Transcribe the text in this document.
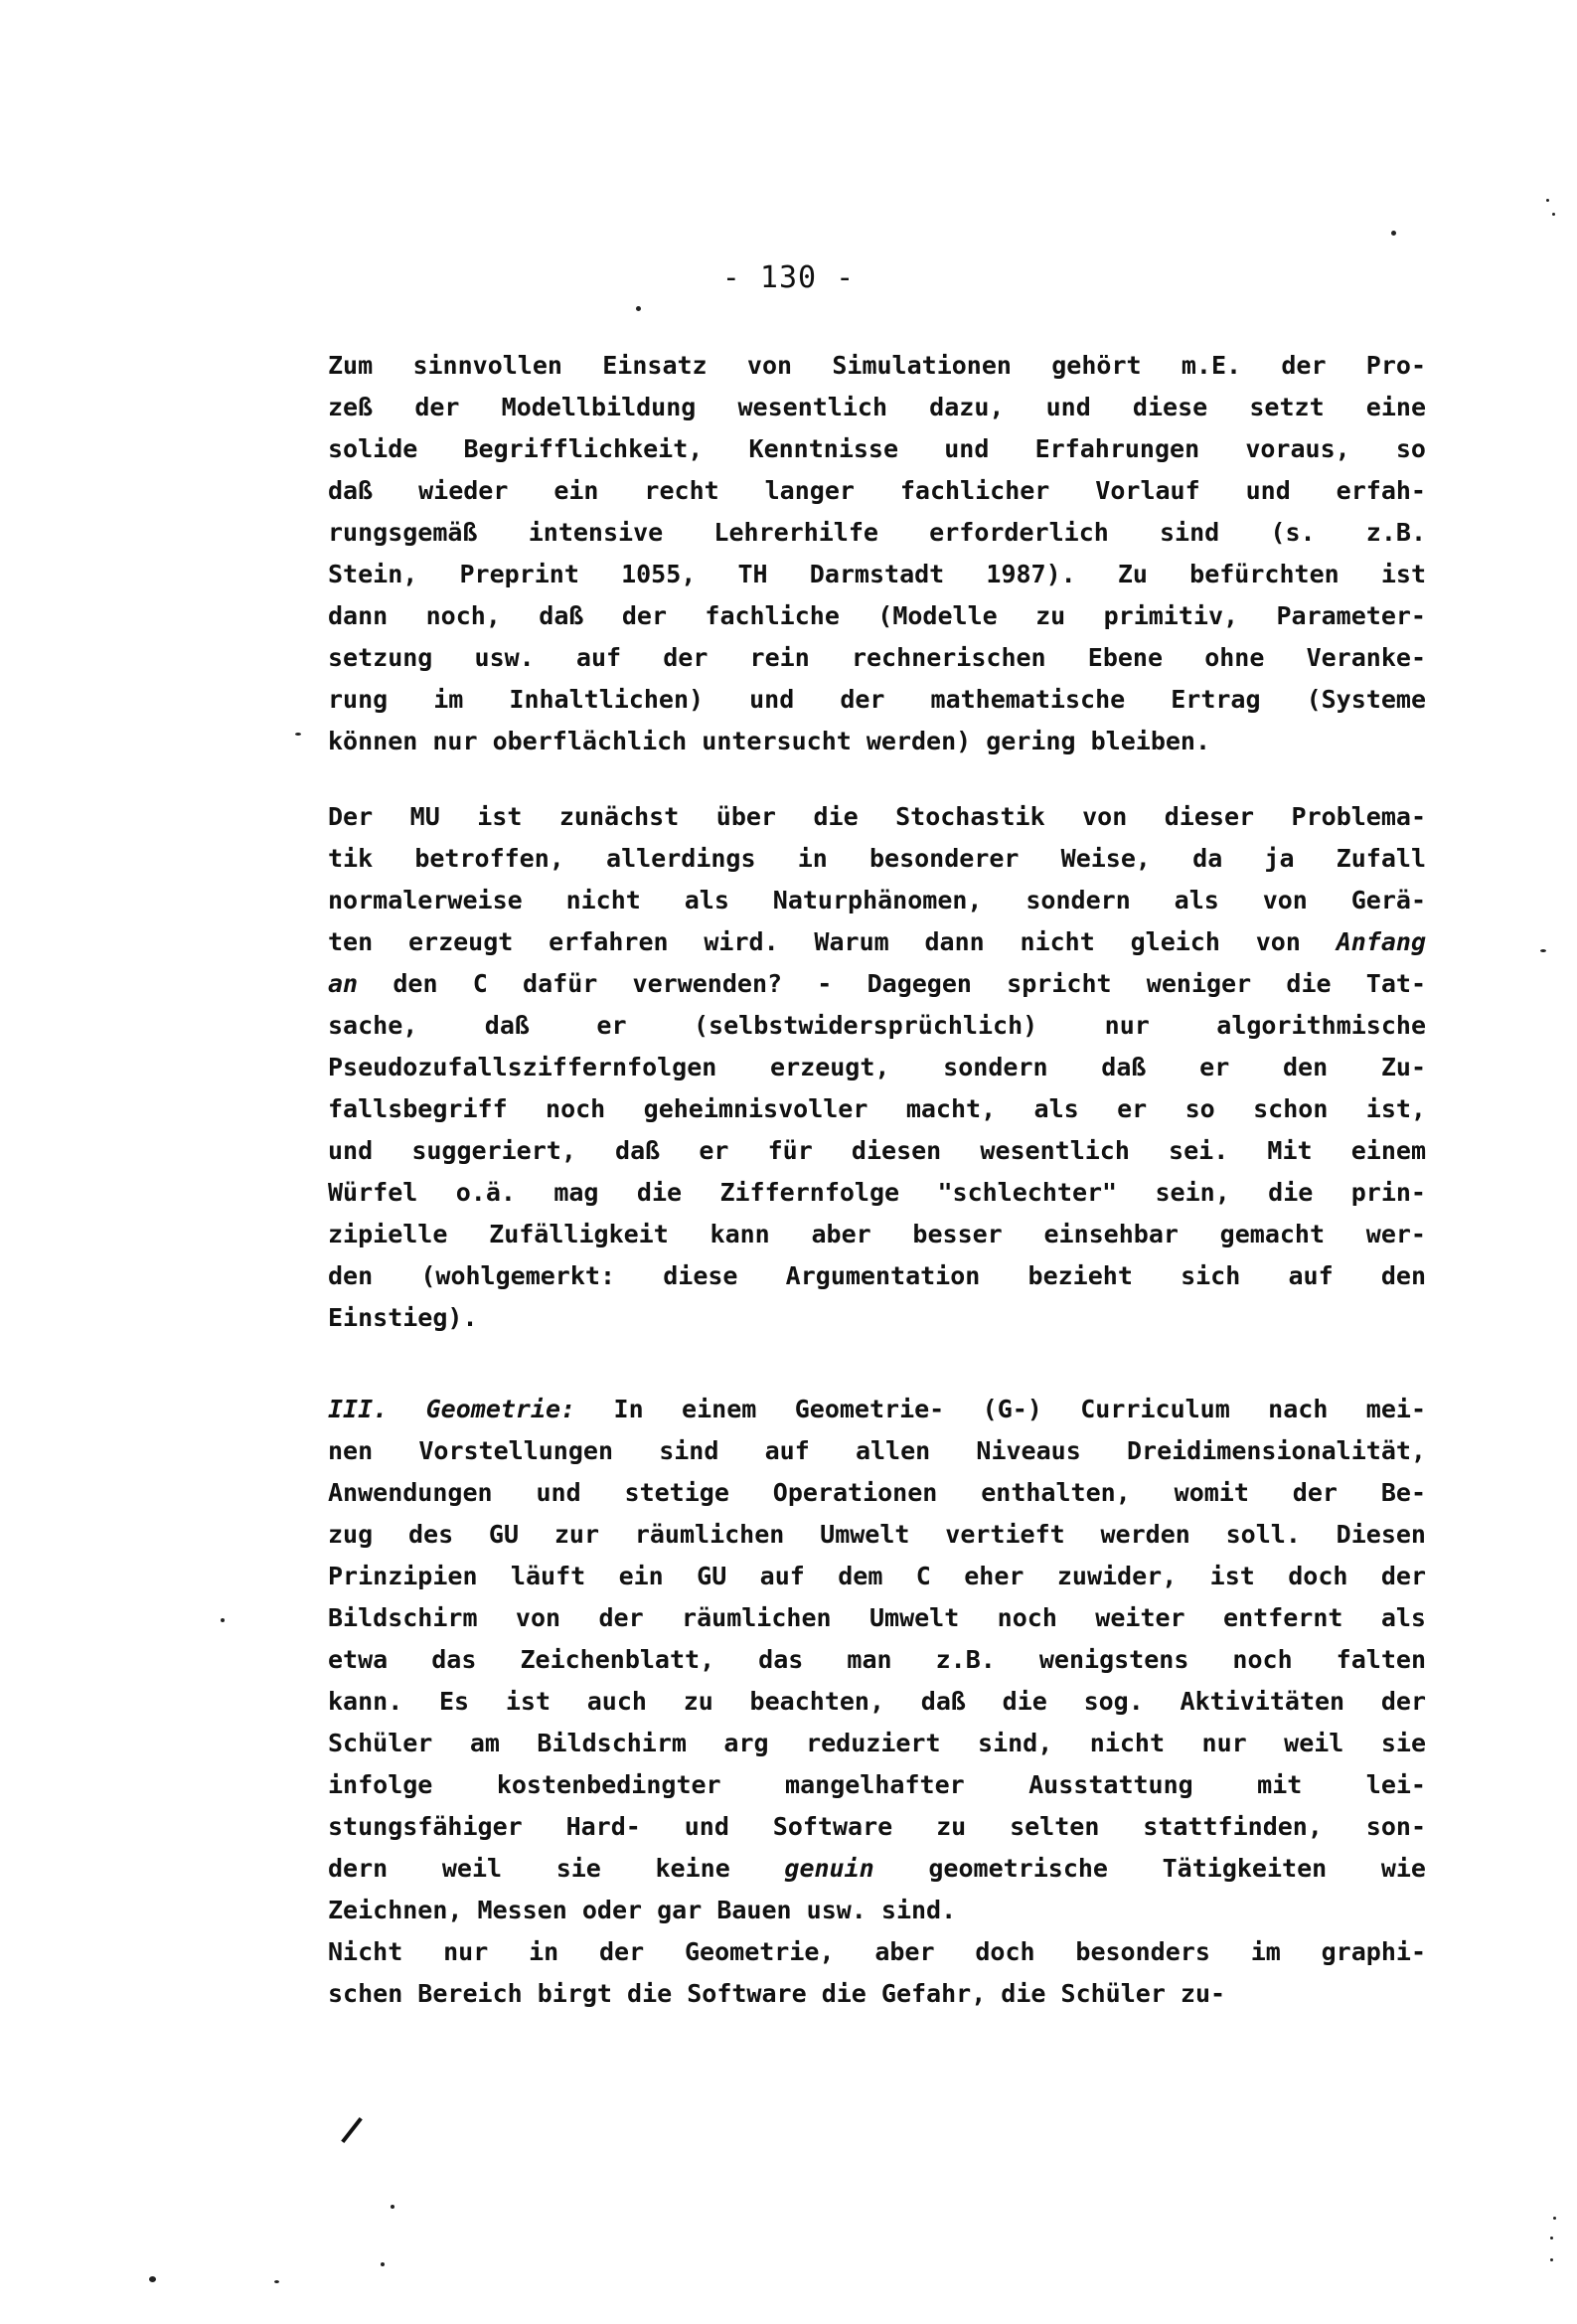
- 130 -
Zum sinnvollen Einsatz von Simulationen gehört m.E. der Pro-
zeß der Modellbildung wesentlich dazu, und diese setzt eine
solide Begrifflichkeit, Kenntnisse und Erfahrungen voraus, so
daß wieder ein recht langer fachlicher Vorlauf und erfah-
rungsgemäß intensive Lehrerhilfe erforderlich sind (s. z.B.
Stein, Preprint 1055, TH Darmstadt 1987). Zu befürchten ist
dann noch, daß der fachliche (Modelle zu primitiv, Parameter-
setzung usw. auf der rein rechnerischen Ebene ohne Veranke-
rung im Inhaltlichen) und der mathematische Ertrag (Systeme
können nur oberflächlich untersucht werden) gering bleiben.
Der MU ist zunächst über die Stochastik von dieser Problema-
tik betroffen, allerdings in besonderer Weise, da ja Zufall
normalerweise nicht als Naturphänomen, sondern als von Gerä-
ten erzeugt erfahren wird. Warum dann nicht gleich von Anfang
an den C dafür verwenden? - Dagegen spricht weniger die Tat-
sache, daß er (selbstwidersprüchlich) nur algorithmische
Pseudozufallsziffernfolgen erzeugt, sondern daß er den Zu-
fallsbegriff noch geheimnisvoller macht, als er so schon ist,
und suggeriert, daß er für diesen wesentlich sei. Mit einem
Würfel o.ä. mag die Ziffernfolge "schlechter" sein, die prin-
zipielle Zufälligkeit kann aber besser einsehbar gemacht wer-
den (wohlgemerkt: diese Argumentation bezieht sich auf den
Einstieg).
III. Geometrie: In einem Geometrie- (G-) Curriculum nach mei-
nen Vorstellungen sind auf allen Niveaus Dreidimensionalität,
Anwendungen und stetige Operationen enthalten, womit der Be-
zug des GU zur räumlichen Umwelt vertieft werden soll. Diesen
Prinzipien läuft ein GU auf dem C eher zuwider, ist doch der
Bildschirm von der räumlichen Umwelt noch weiter entfernt als
etwa das Zeichenblatt, das man z.B. wenigstens noch falten
kann. Es ist auch zu beachten, daß die sog. Aktivitäten der
Schüler am Bildschirm arg reduziert sind, nicht nur weil sie
infolge kostenbedingter mangelhafter Ausstattung mit lei-
stungsfähiger Hard- und Software zu selten stattfinden, son-
dern weil sie keine genuin geometrische Tätigkeiten wie
Zeichnen, Messen oder gar Bauen usw. sind.
Nicht nur in der Geometrie, aber doch besonders im graphi-
schen Bereich birgt die Software die Gefahr, die Schüler zu-
